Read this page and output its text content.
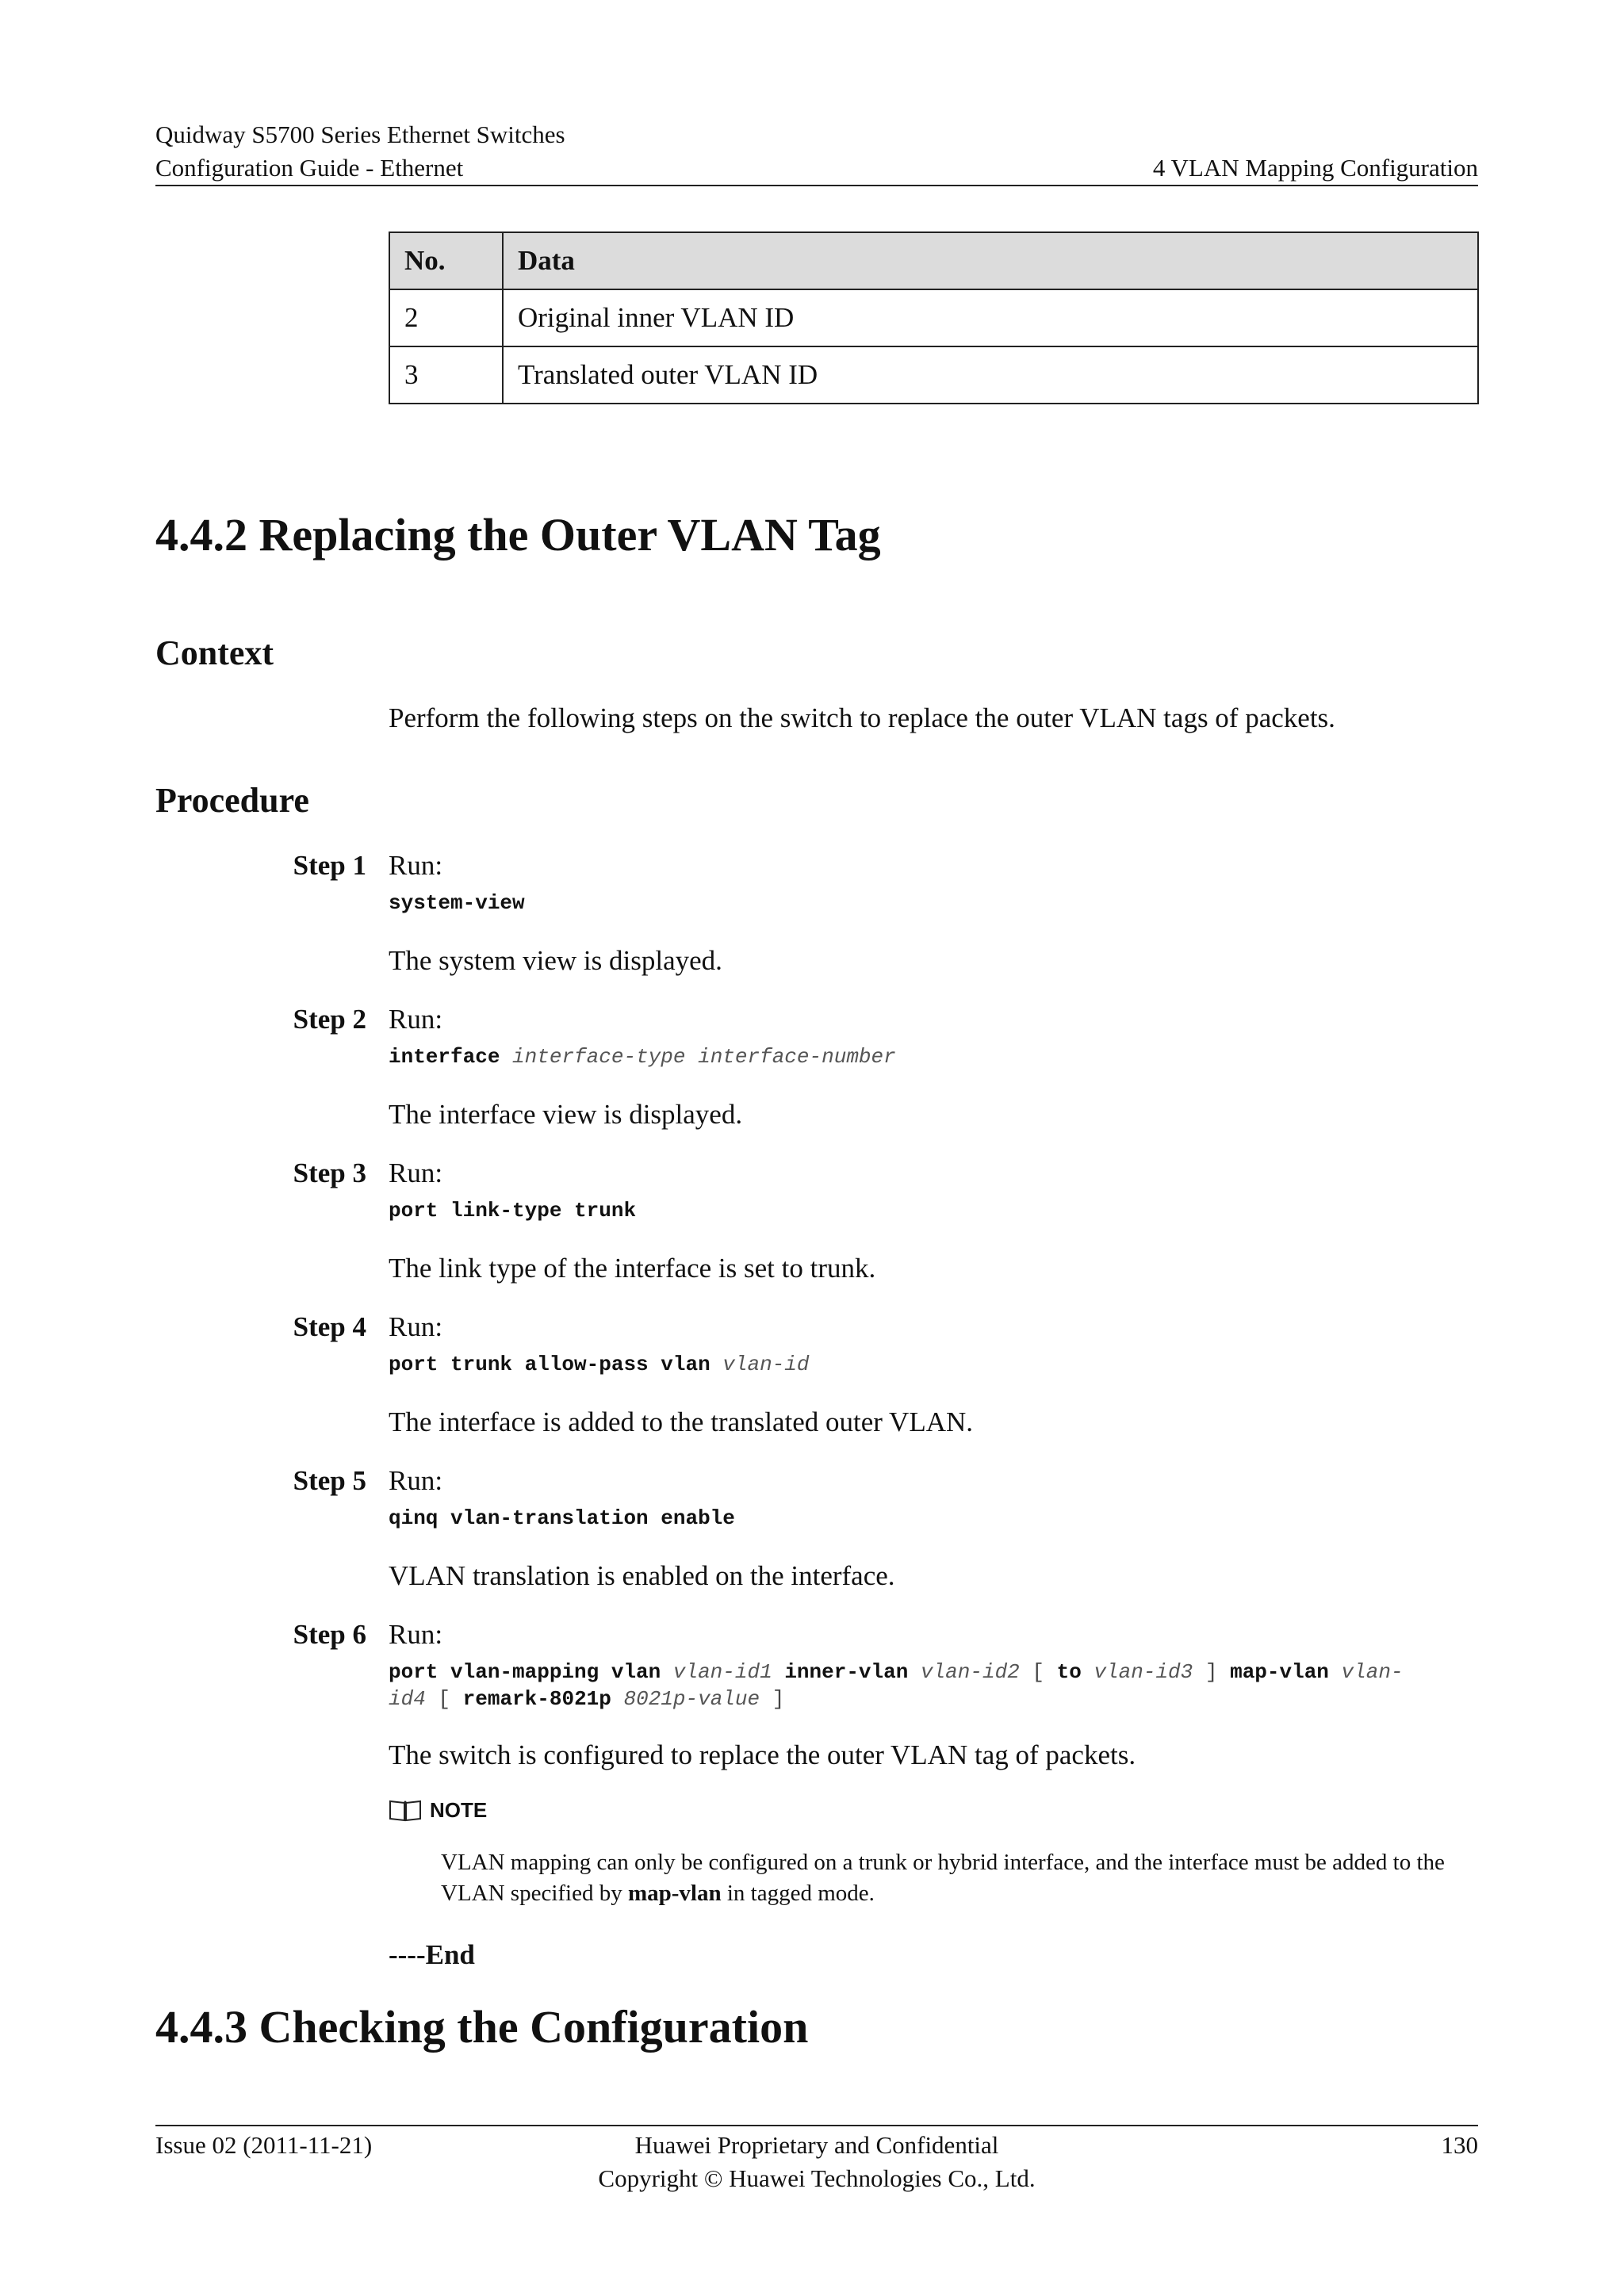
Quidway S5700 Series Ethernet Switches
Configuration Guide - Ethernet	4 VLAN Mapping Configuration
No.	Data
2	Original inner VLAN ID
3	Translated outer VLAN ID
4.4.2 Replacing the Outer VLAN Tag
Context
Perform the following steps on the switch to replace the outer VLAN tags of packets.
Procedure
Step 1 Run:
system-view
The system view is displayed.
Step 2 Run:
interface interface-type interface-number
The interface view is displayed.
Step 3 Run:
port link-type trunk
The link type of the interface is set to trunk.
Step 4 Run:
port trunk allow-pass vlan vlan-id
The interface is added to the translated outer VLAN.
Step 5 Run:
qinq vlan-translation enable
VLAN translation is enabled on the interface.
Step 6 Run:
port vlan-mapping vlan vlan-id1 inner-vlan vlan-id2 [ to vlan-id3 ] map-vlan vlan-
id4 [ remark-8021p 8021p-value ]
The switch is configured to replace the outer VLAN tag of packets.
NOTE
VLAN mapping can only be configured on a trunk or hybrid interface, and the interface must be added to the VLAN specified by map-vlan in tagged mode.
----End
4.4.3 Checking the Configuration
Issue 02 (2011-11-21)	Huawei Proprietary and Confidential
Copyright © Huawei Technologies Co., Ltd.
130
